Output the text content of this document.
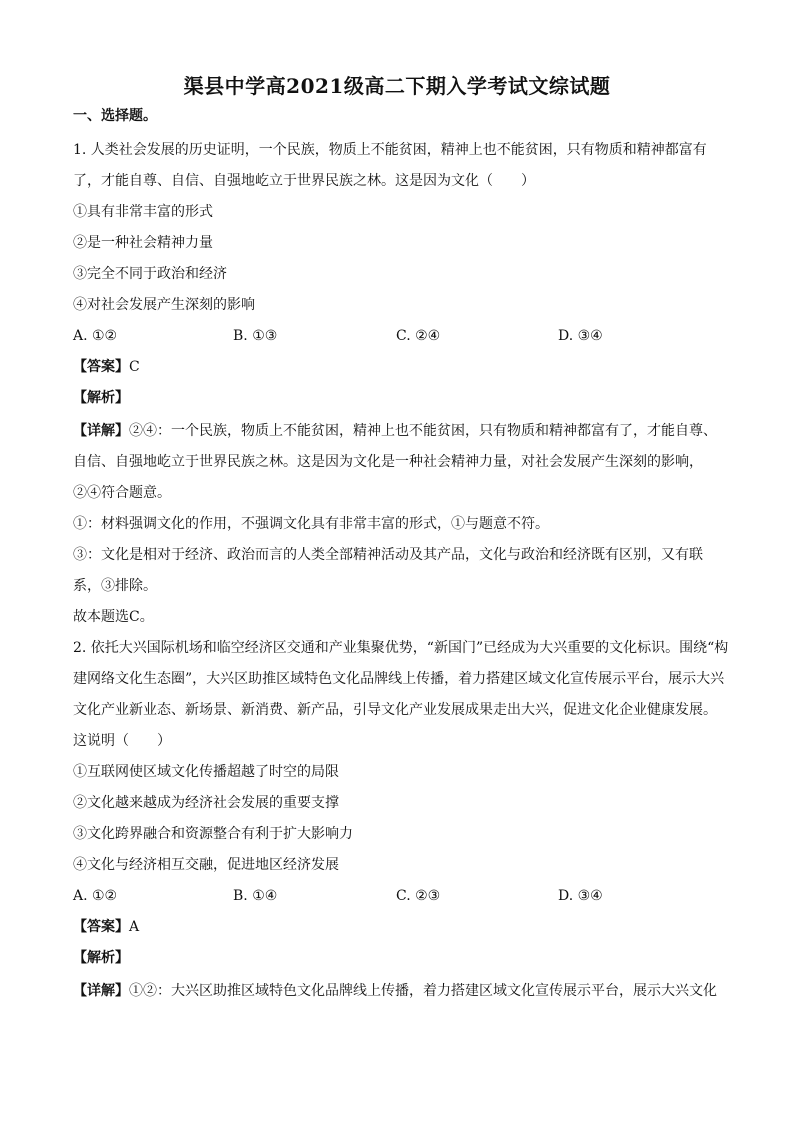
渠县中学高2021级高二下期入学考试文综试题
一、选择题。
1. 人类社会发展的历史证明，一个民族，物质上不能贫困，精神上也不能贫困，只有物质和精神都富有
了，才能自尊、自信、自强地屹立于世界民族之林。这是因为文化（　　）
①具有非常丰富的形式
②是一种社会精神力量
③完全不同于政治和经济
④对社会发展产生深刻的影响
A. ①②	B. ①③	C. ②④	D. ③④
【答案】C
【解析】
【详解】②④：一个民族，物质上不能贫困，精神上也不能贫困，只有物质和精神都富有了，才能自尊、
自信、自强地屹立于世界民族之林。这是因为文化是一种社会精神力量，对社会发展产生深刻的影响，
②④符合题意。
①：材料强调文化的作用，不强调文化具有非常丰富的形式，①与题意不符。
③：文化是相对于经济、政治而言的人类全部精神活动及其产品，文化与政治和经济既有区别，又有联
系，③排除。
故本题选C。
2. 依托大兴国际机场和临空经济区交通和产业集聚优势，“新国门”已经成为大兴重要的文化标识。围绕“构
建网络文化生态圈”，大兴区助推区域特色文化品牌线上传播，着力搭建区域文化宣传展示平台，展示大兴
文化产业新业态、新场景、新消费、新产品，引导文化产业发展成果走出大兴，促进文化企业健康发展。
这说明（　　）
①互联网使区域文化传播超越了时空的局限
②文化越来越成为经济社会发展的重要支撑
③文化跨界融合和资源整合有利于扩大影响力
④文化与经济相互交融，促进地区经济发展
A. ①②	B. ①④	C. ②③	D. ③④
【答案】A
【解析】
【详解】①②：大兴区助推区域特色文化品牌线上传播，着力搭建区域文化宣传展示平台，展示大兴文化
